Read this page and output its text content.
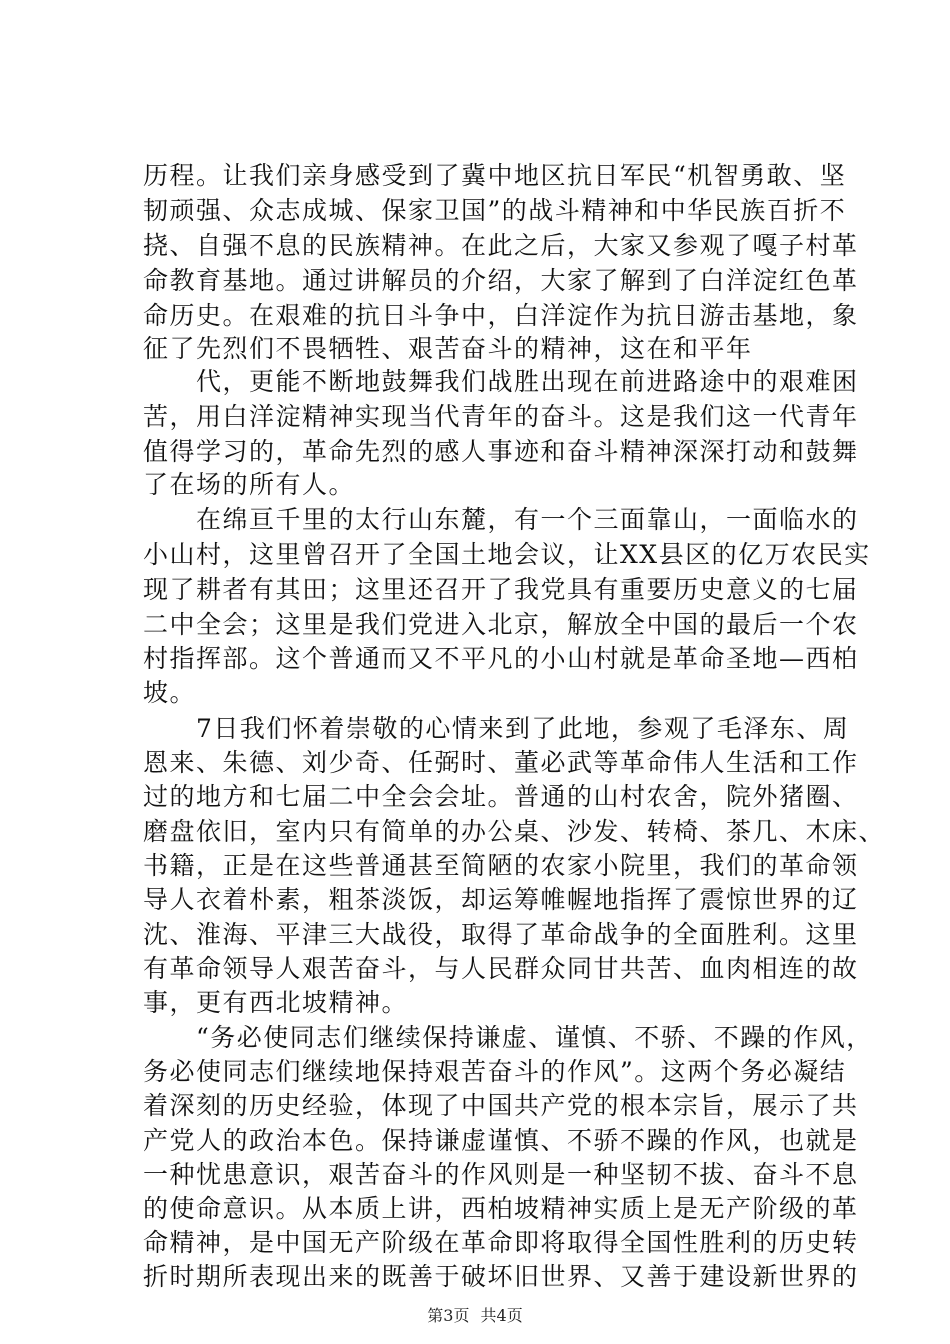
历程。让我们亲身感受到了冀中地区抗日军民“机智勇敢、坚
韧顽强、众志成城、保家卫国”的战斗精神和中华民族百折不
挠、自强不息的民族精神。在此之后，大家又参观了嘎子村革
命教育基地。通过讲解员的介绍，大家了解到了白洋淀红色革
命历史。在艰难的抗日斗争中，白洋淀作为抗日游击基地，象
征了先烈们不畏牺牲、艰苦奋斗的精神，这在和平年
　　代，更能不断地鼓舞我们战胜出现在前进路途中的艰难困
苦，用白洋淀精神实现当代青年的奋斗。这是我们这一代青年
值得学习的，革命先烈的感人事迹和奋斗精神深深打动和鼓舞
了在场的所有人。
　　在绵亘千里的太行山东麓，有一个三面靠山，一面临水的
小山村，这里曾召开了全国土地会议，让XX县区的亿万农民实
现了耕者有其田；这里还召开了我党具有重要历史意义的七届
二中全会；这里是我们党进入北京，解放全中国的最后一个农
村指挥部。这个普通而又不平凡的小山村就是革命圣地—西柏
坡。
　　7日我们怀着崇敬的心情来到了此地，参观了毛泽东、周
恩来、朱德、刘少奇、任弼时、董必武等革命伟人生活和工作
过的地方和七届二中全会会址。普通的山村农舍，院外猪圈、
磨盘依旧，室内只有简单的办公桌、沙发、转椅、茶几、木床、
书籍，正是在这些普通甚至简陋的农家小院里，我们的革命领
导人衣着朴素，粗茶淡饭，却运筹帷幄地指挥了震惊世界的辽
沈、淮海、平津三大战役，取得了革命战争的全面胜利。这里
有革命领导人艰苦奋斗，与人民群众同甘共苦、血肉相连的故
事，更有西北坡精神。
　　“务必使同志们继续保持谦虚、谨慎、不骄、不躁的作风，
务必使同志们继续地保持艰苦奋斗的作风”。这两个务必凝结
着深刻的历史经验，体现了中国共产党的根本宗旨，展示了共
产党人的政治本色。保持谦虚谨慎、不骄不躁的作风，也就是
一种忧患意识，艰苦奋斗的作风则是一种坚韧不拔、奋斗不息
的使命意识。从本质上讲，西柏坡精神实质上是无产阶级的革
命精神，是中国无产阶级在革命即将取得全国性胜利的历史转
折时期所表现出来的既善于破坏旧世界、又善于建设新世界的
第3页 共4页
